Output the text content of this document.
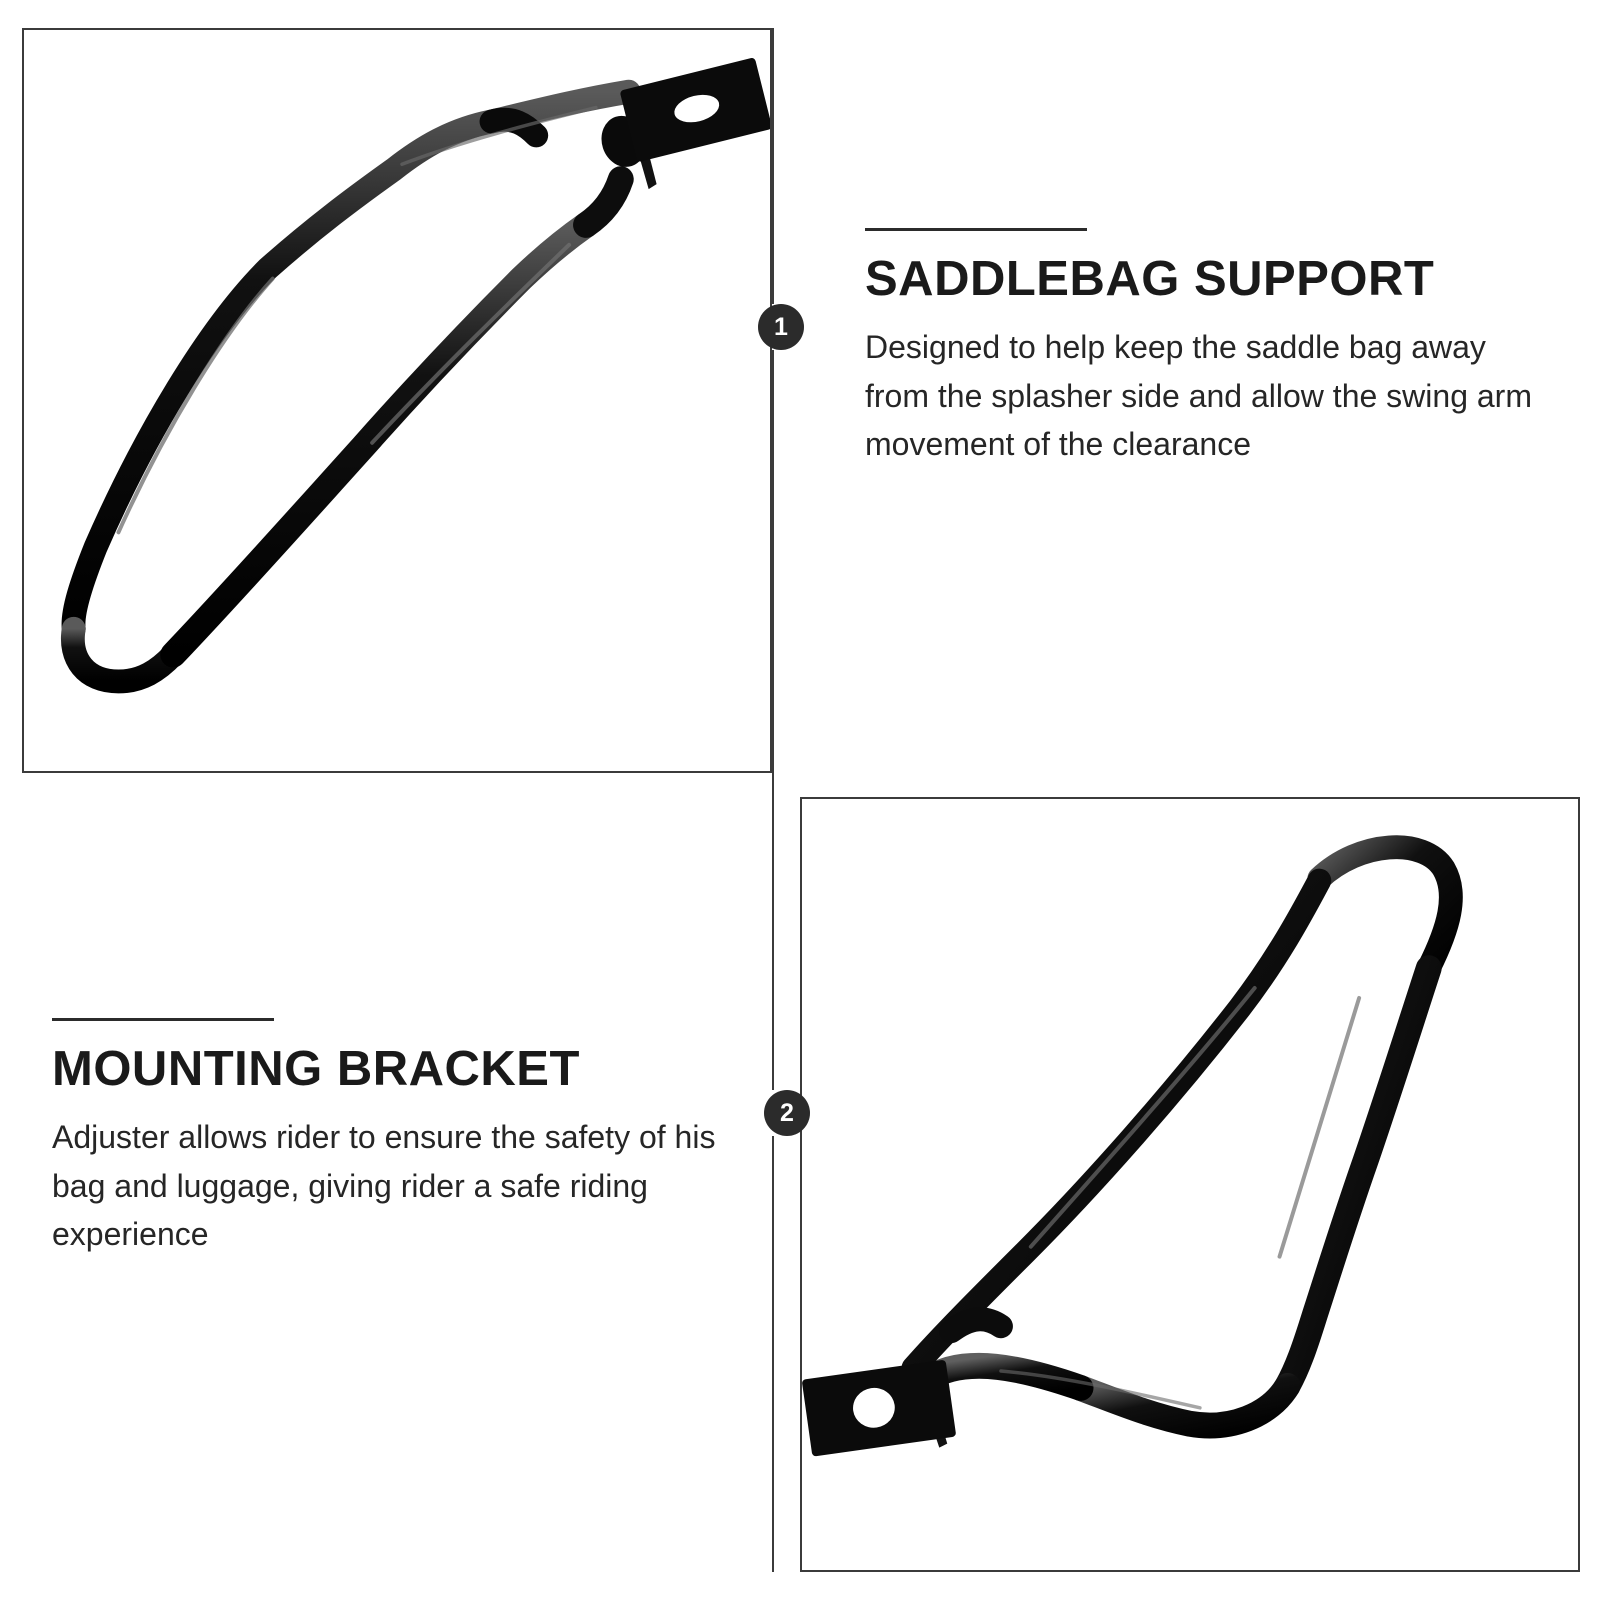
1
2
SADDLEBAG SUPPORT

Designed to help keep the saddle bag away from the splasher side and allow the swing arm movement of the clearance

MOUNTING BRACKET

Adjuster allows rider to ensure the safety of his bag and luggage, giving rider a safe riding experience
